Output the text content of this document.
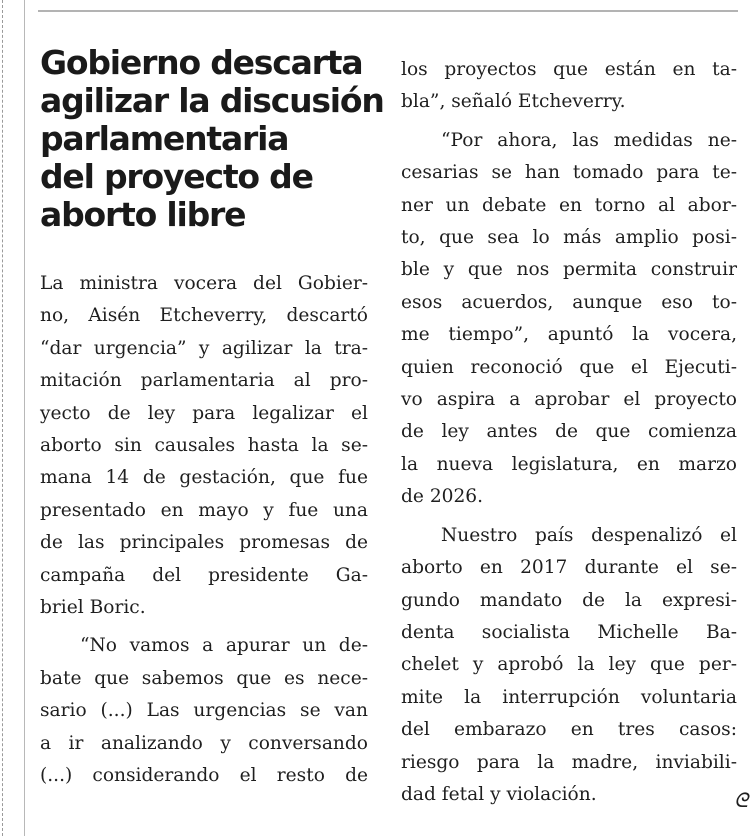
Gobierno descarta
agilizar la discusión
parlamentaria
del proyecto de
aborto libre
La ministra vocera del Gobier-
no, Aisén Etcheverry, descartó
“dar urgencia” y agilizar la tra-
mitación parlamentaria al pro-
yecto de ley para legalizar el
aborto sin causales hasta la se-
mana 14 de gestación, que fue
presentado en mayo y fue una
de las principales promesas de
campaña del presidente Ga-
briel Boric.
“No vamos a apurar un de-
bate que sabemos que es nece-
sario (...) Las urgencias se van
a ir analizando y conversando
(...) considerando el resto de
los proyectos que están en ta-
bla”, señaló Etcheverry.
“Por ahora, las medidas ne-
cesarias se han tomado para te-
ner un debate en torno al abor-
to, que sea lo más amplio posi-
ble y que nos permita construir
esos acuerdos, aunque eso to-
me tiempo”, apuntó la vocera,
quien reconoció que el Ejecuti-
vo aspira a aprobar el proyecto
de ley antes de que comienza
la nueva legislatura, en marzo
de 2026.
Nuestro país despenalizó el
aborto en 2017 durante el se-
gundo mandato de la expresi-
denta socialista Michelle Ba-
chelet y aprobó la ley que per-
mite la interrupción voluntaria
del embarazo en tres casos:
riesgo para la madre, inviabili-
dad fetal y violación.	ᘓ
